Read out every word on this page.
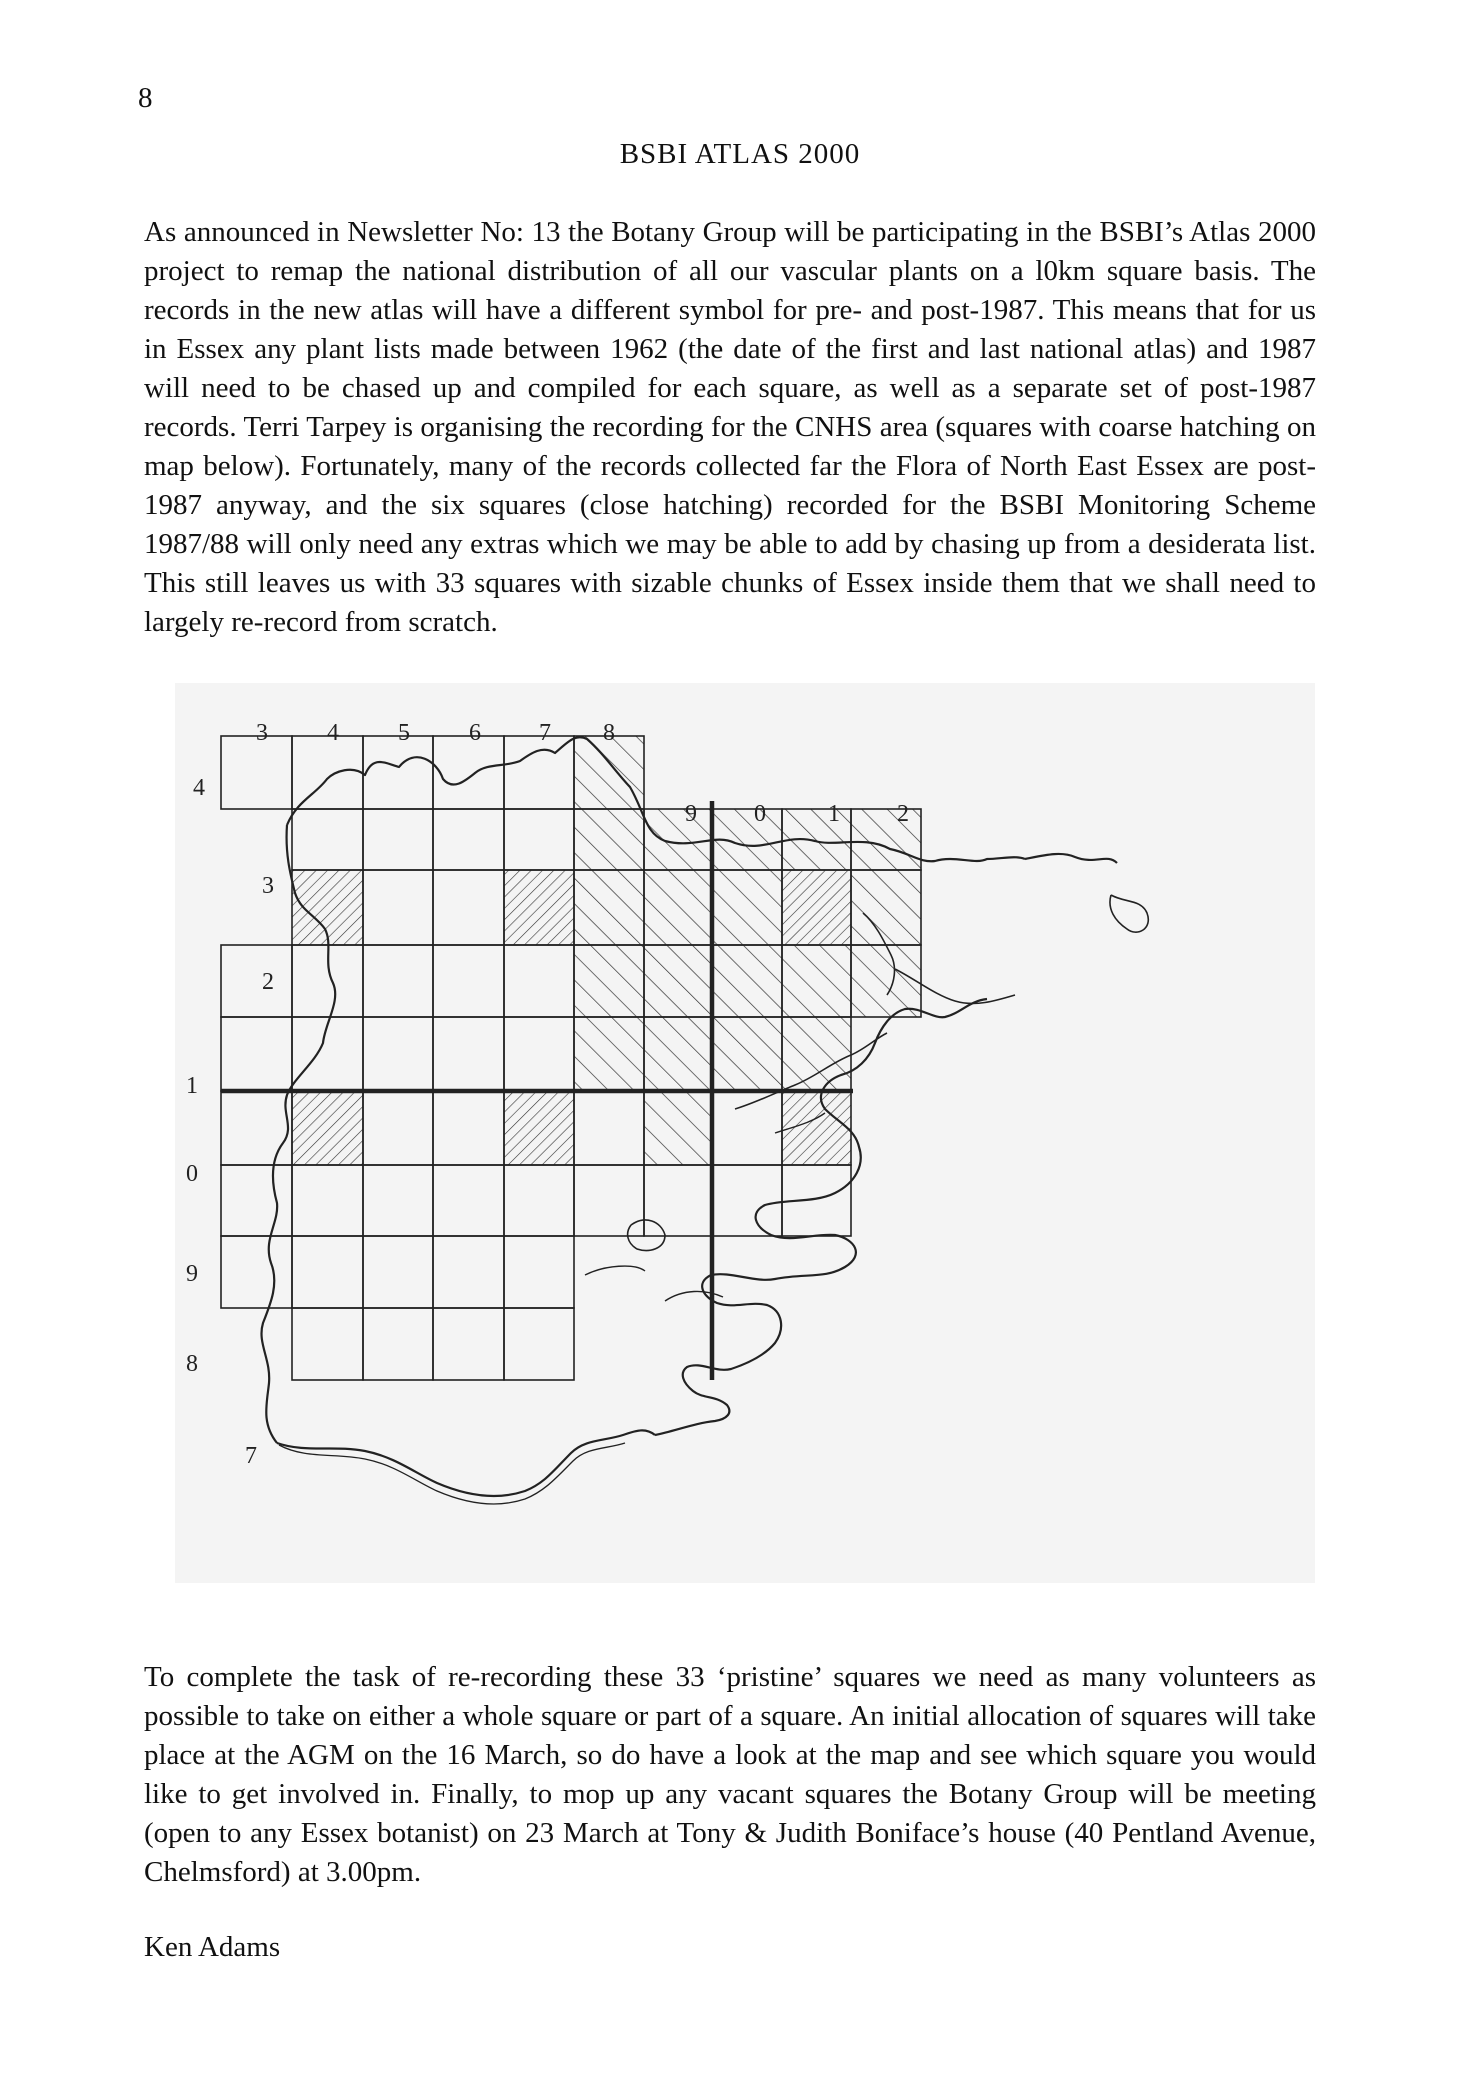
8
BSBI ATLAS 2000

As announced in Newsletter No: 13 the Botany Group will be participating in the BSBI’s Atlas 2000 project to remap the national distribution of all our vascular plants on a l0km square basis. The records in the new atlas will have a different symbol for pre- and post-1987. This means that for us in Essex any plant lists made between 1962 (the date of the first and last national atlas) and 1987 will need to be chased up and compiled for each square, as well as a separate set of post-1987 records. Terri Tarpey is organising the recording for the CNHS area (squares with coarse hatching on map below). Fortunately, many of the records collected far the Flora of North East Essex are post-1987 anyway, and the six squares (close hatching) recorded for the BSBI Monitoring Scheme 1987/88 will only need any extras which we may be able to add by chasing up from a desiderata list. This still leaves us with 33 squares with sizable chunks of Essex inside them that we shall need to largely re-record from scratch.

3 4 5 6 7 8
9 0	1 2
4
3
2
1
0
9
8
7

To complete the task of re-recording these 33 ‘pristine’ squares we need as many volunteers as possible to take on either a whole square or part of a square. An initial allocation of squares will take place at the AGM on the 16 March, so do have a look at the map and see which square you would like to get involved in. Finally, to mop up any vacant squares the Botany Group will be meeting (open to any Essex botanist) on 23 March at Tony & Judith Boniface’s house (40 Pentland Avenue, Chelmsford) at 3.00pm.

Ken Adams
